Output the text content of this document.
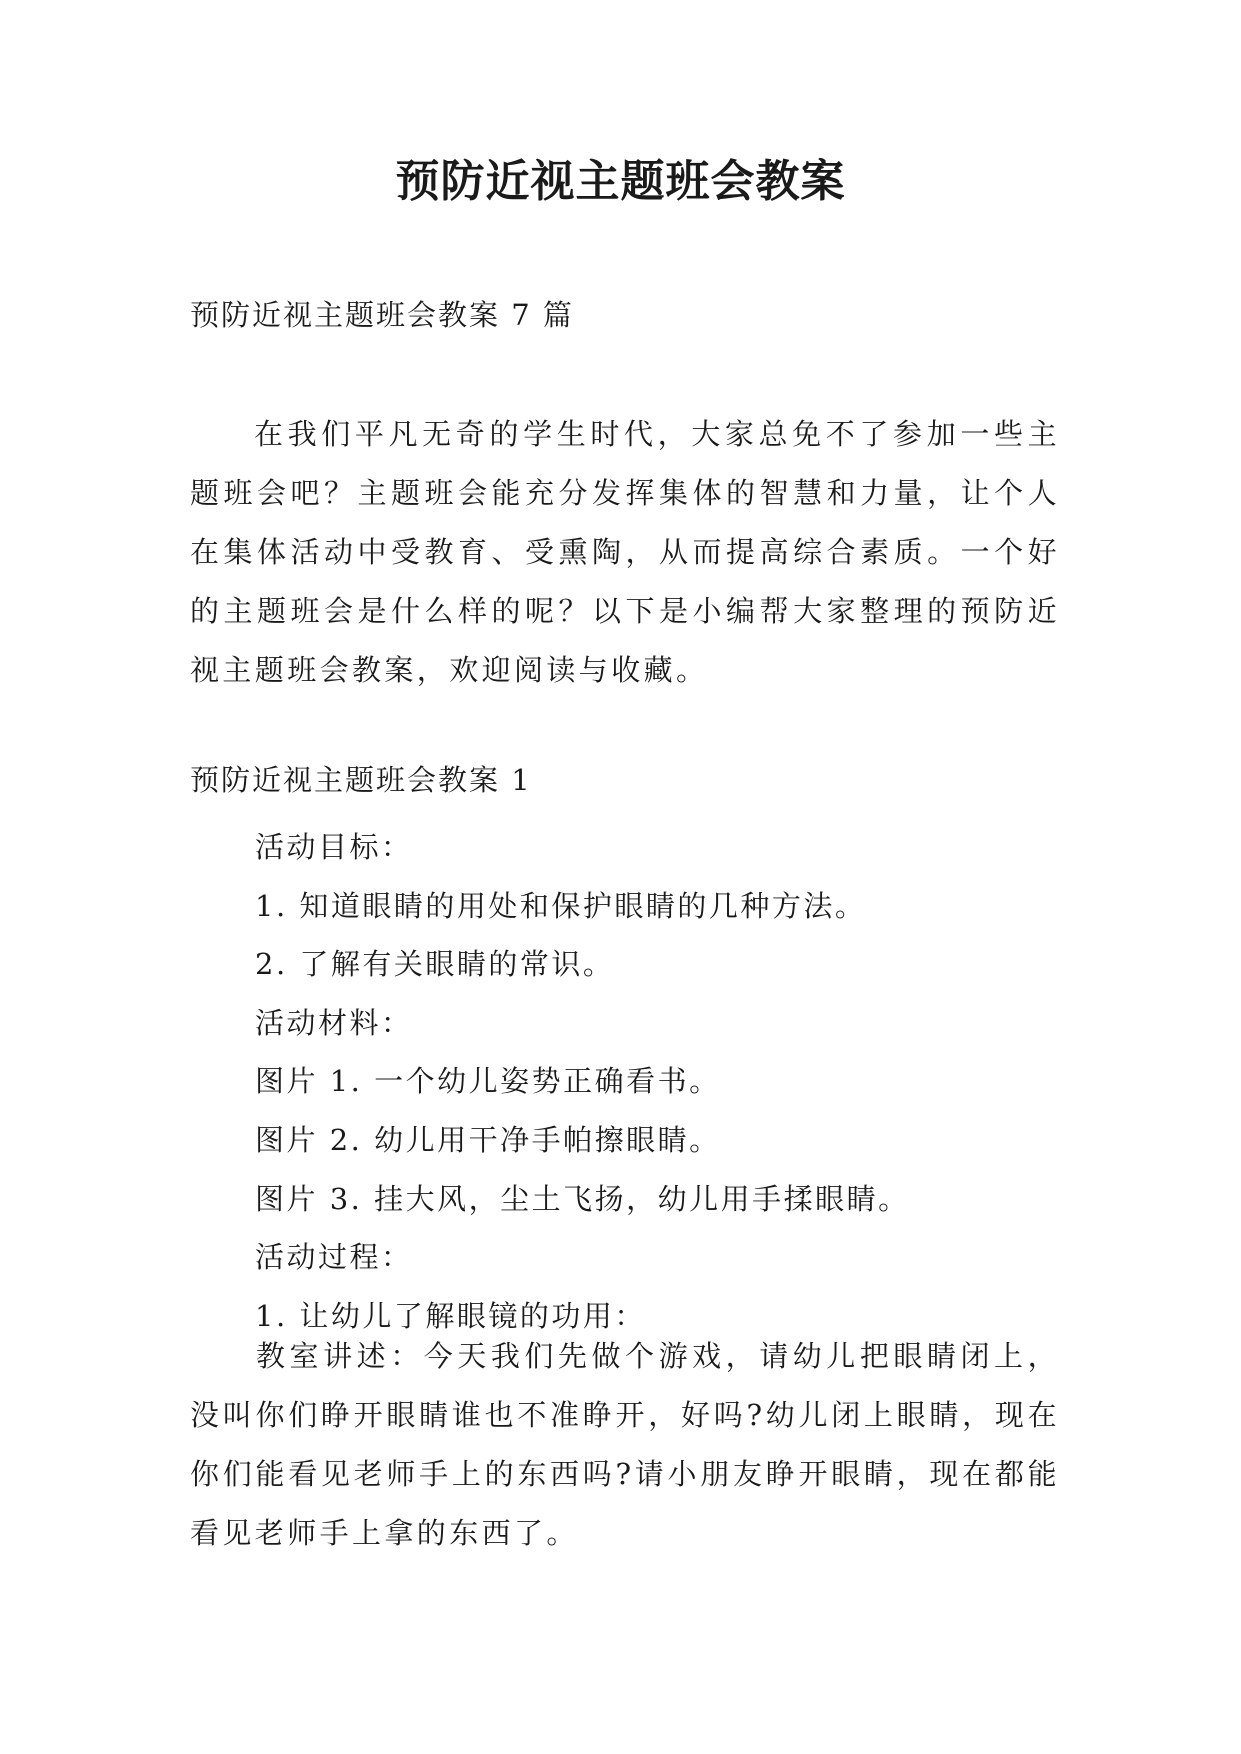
预防近视主题班会教案

预防近视主题班会教案 7 篇

在我们平凡无奇的学生时代，大家总免不了参加一些主题班会吧？主题班会能充分发挥集体的智慧和力量，让个人在集体活动中受教育、受熏陶，从而提高综合素质。一个好的主题班会是什么样的呢？以下是小编帮大家整理的预防近视主题班会教案，欢迎阅读与收藏。

预防近视主题班会教案 1

活动目标：
1. 知道眼睛的用处和保护眼睛的几种方法。
2. 了解有关眼睛的常识。
活动材料：
图片 1. 一个幼儿姿势正确看书。
图片 2. 幼儿用干净手帕擦眼睛。
图片 3. 挂大风，尘土飞扬，幼儿用手揉眼睛。
活动过程：
1. 让幼儿了解眼镜的功用：

教室讲述：今天我们先做个游戏，请幼儿把眼睛闭上，没叫你们睁开眼睛谁也不准睁开，好吗?幼儿闭上眼睛，现在你们能看见老师手上的东西吗?请小朋友睁开眼睛，现在都能看见老师手上拿的东西了。
